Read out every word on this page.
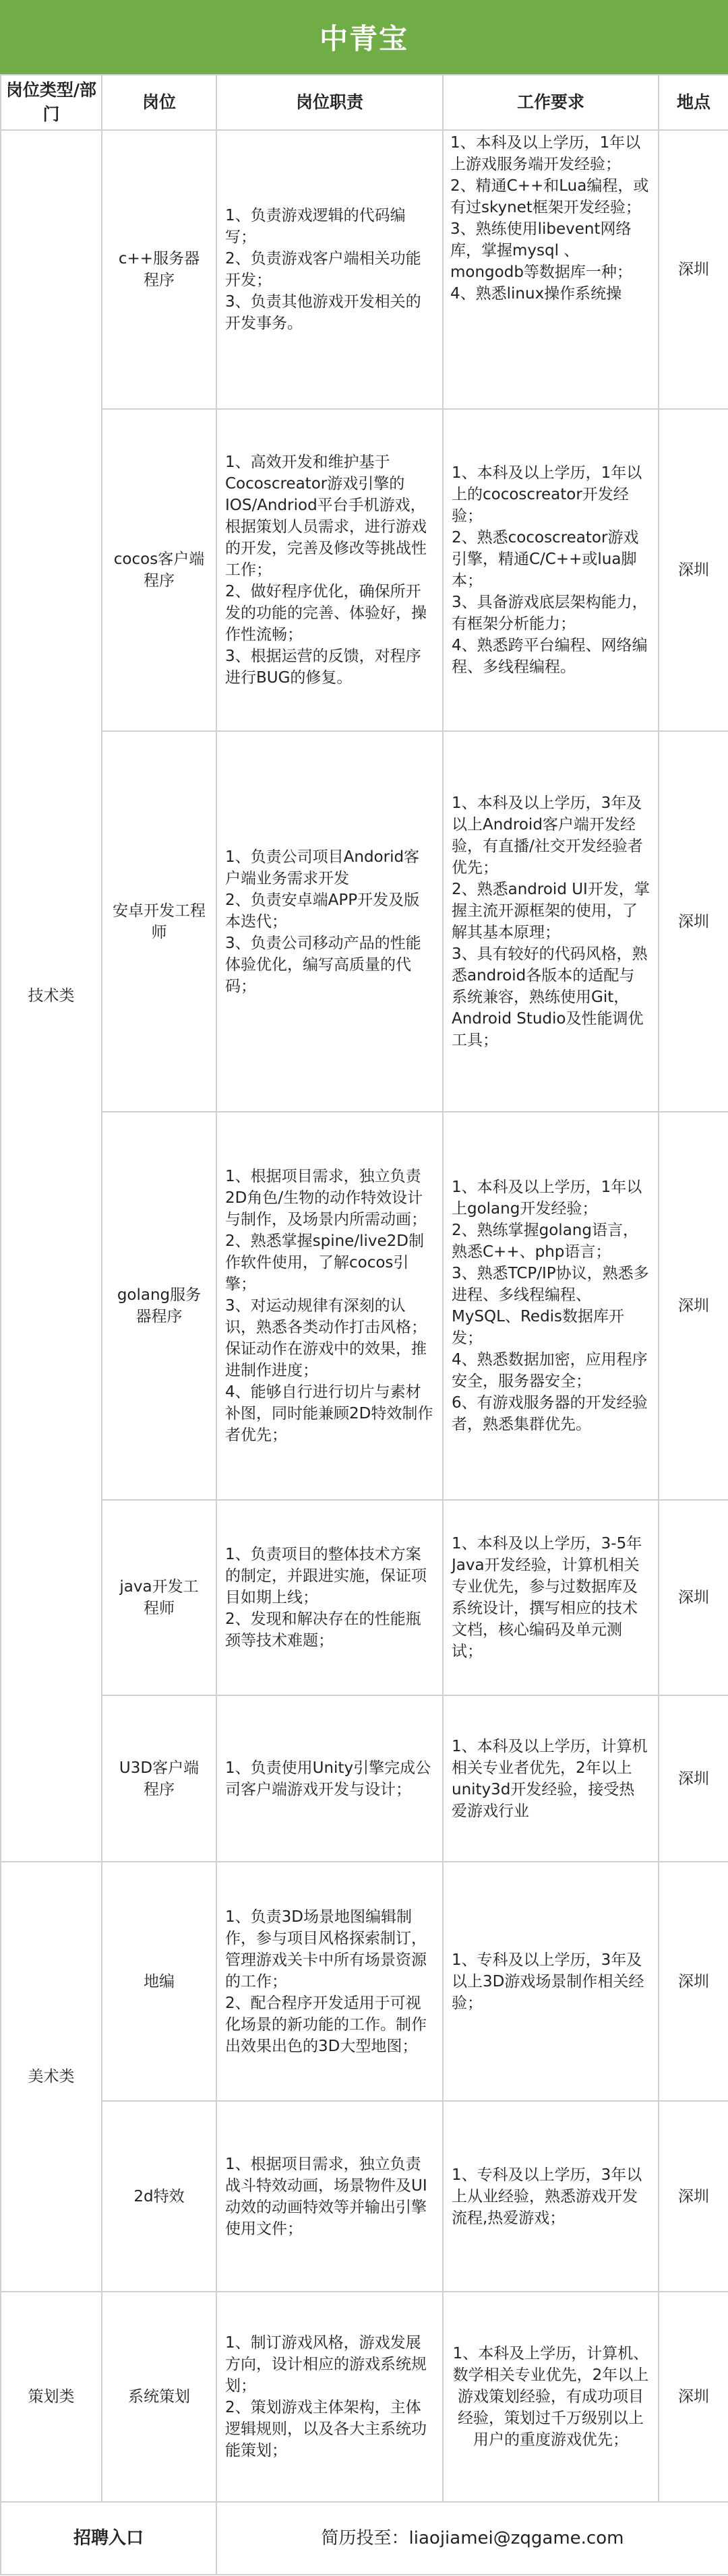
中青宝
岗位类型/部门	岗位	岗位职责	工作要求	地点
技术类	c++服务器程序	1、负责游戏逻辑的代码编写；
2、负责游戏客户端相关功能开发；
3、负责其他游戏开发相关的开发事务。	1、本科及以上学历，1年以上游戏服务端开发经验；
2、精通C++和Lua编程，或有过skynet框架开发经验；
3、熟练使用libevent网络库，掌握mysql 、mongodb等数据库一种；
4、熟悉linux操作系统操	深圳
	cocos客户端程序	1、高效开发和维护基于Cocoscreator游戏引擎的IOS/Andriod平台手机游戏，根据策划人员需求，进行游戏的开发，完善及修改等挑战性工作；
2、做好程序优化，确保所开发的功能的完善、体验好，操作性流畅；
3、根据运营的反馈，对程序进行BUG的修复。	1、本科及以上学历，1年以上的cocoscreator开发经验；
2、熟悉cocoscreator游戏引擎，精通C/C++或lua脚本；
3、具备游戏底层架构能力，有框架分析能力；
4、熟悉跨平台编程、网络编程、多线程编程。	深圳
	安卓开发工程师	1、负责公司项目Andorid客户端业务需求开发
2、负责安卓端APP开发及版本迭代；
3、负责公司移动产品的性能体验优化，编写高质量的代码；	1、本科及以上学历，3年及以上Android客户端开发经验，有直播/社交开发经验者优先；
2、熟悉android UI开发，掌握主流开源框架的使用，了解其基本原理；
3、具有较好的代码风格，熟悉android各版本的适配与系统兼容，熟练使用Git，Android Studio及性能调优工具；	深圳
	golang服务器程序	1、根据项目需求，独立负责2D角色/生物的动作特效设计与制作，及场景内所需动画；
2、熟悉掌握spine/live2D制作软件使用，了解cocos引擎；
3、对运动规律有深刻的认识，熟悉各类动作打击风格；
保证动作在游戏中的效果，推进制作进度；
4、能够自行进行切片与素材补图，同时能兼顾2D特效制作者优先；	1、本科及以上学历，1年以上golang开发经验；
2、熟练掌握golang语言，熟悉C++、php语言；
3、熟悉TCP/IP协议，熟悉多进程、多线程编程、MySQL、Redis数据库开发；
4、熟悉数据加密，应用程序安全，服务器安全；
6、有游戏服务器的开发经验者，熟悉集群优先。	深圳
	java开发工程师	1、负责项目的整体技术方案的制定，并跟进实施，保证项目如期上线；
2、发现和解决存在的性能瓶颈等技术难题；	1、本科及以上学历，3-5年Java开发经验，计算机相关专业优先，参与过数据库及系统设计，撰写相应的技术文档，核心编码及单元测试；	深圳
	U3D客户端程序	1、负责使用Unity引擎完成公司客户端游戏开发与设计；	1、本科及以上学历，计算机相关专业者优先，2年以上unity3d开发经验，接受热爱游戏行业	深圳
美术类	地编	1、负责3D场景地图编辑制作，参与项目风格探索制订，管理游戏关卡中所有场景资源的工作；
2、配合程序开发适用于可视化场景的新功能的工作。制作出效果出色的3D大型地图；	1、专科及以上学历，3年及以上3D游戏场景制作相关经验；	深圳
	2d特效	1、根据项目需求，独立负责战斗特效动画，场景物件及UI动效的动画特效等并输出引擎使用文件；	1、专科及以上学历，3年以上从业经验，熟悉游戏开发流程,热爱游戏；	深圳
策划类	系统策划	1、制订游戏风格，游戏发展方向，设计相应的游戏系统规划；
2、策划游戏主体架构，主体逻辑规则，以及各大主系统功能策划；	1、本科及上学历，计算机、数学相关专业优先，2年以上游戏策划经验，有成功项目经验，策划过千万级别以上用户的重度游戏优先；	深圳
招聘入口		简历投至：liaojiamei@zqgame.com		
